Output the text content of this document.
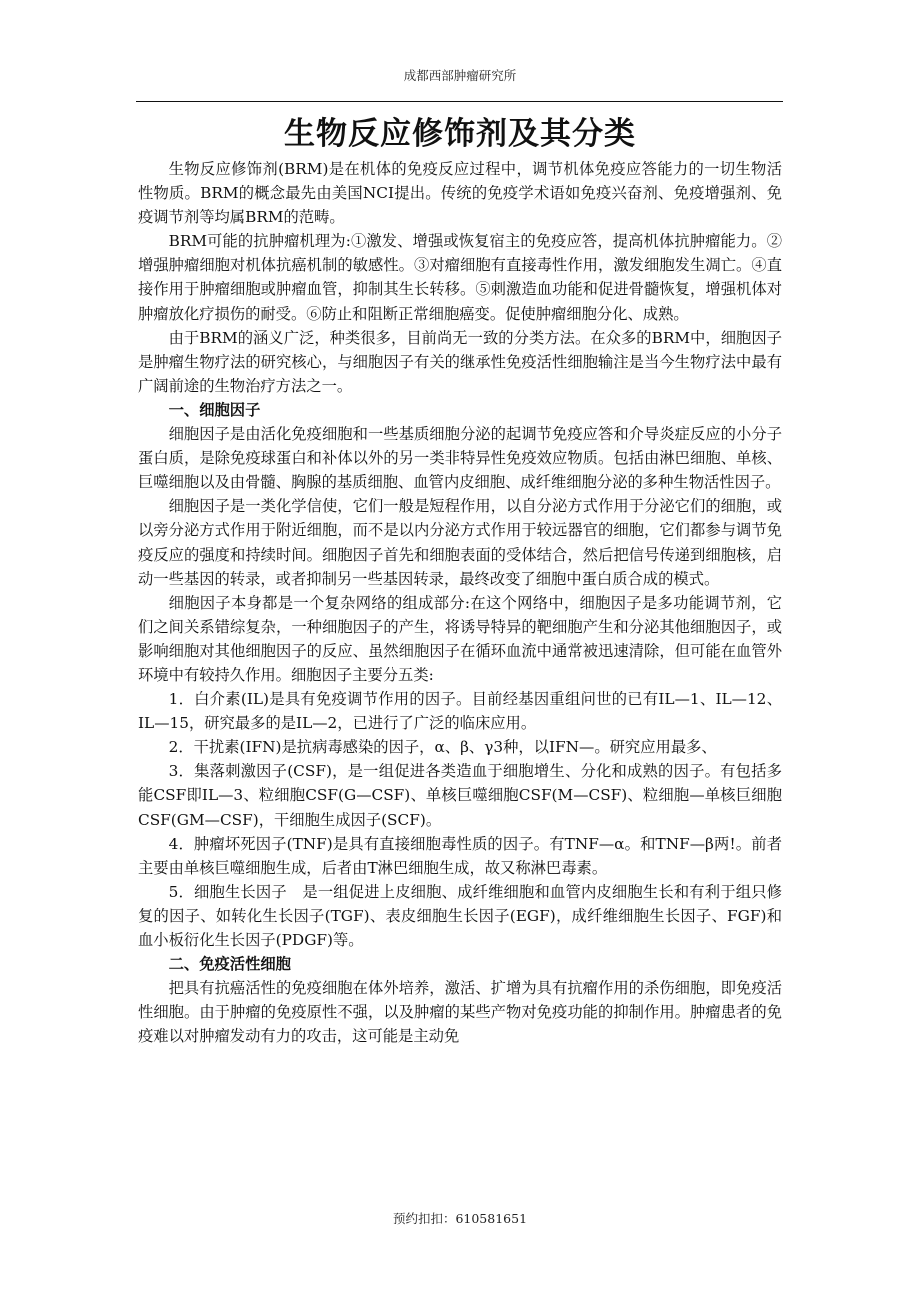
成都西部肿瘤研究所
生物反应修饰剂及其分类

生物反应修饰剂(BRM)是在机体的免疫反应过程中，调节机体免疫应答能力的一切生物活性物质。BRM的概念最先由美国NCI提出。传统的免疫学术语如免疫兴奋剂、免疫增强剂、免疫调节剂等均属BRM的范畴。

BRM可能的抗肿瘤机理为:①激发、增强或恢复宿主的免疫应答，提高机体抗肿瘤能力。②增强肿瘤细胞对机体抗癌机制的敏感性。③对瘤细胞有直接毒性作用，激发细胞发生凋亡。④直接作用于肿瘤细胞或肿瘤血管，抑制其生长转移。⑤刺激造血功能和促进骨髓恢复，增强机体对肿瘤放化疗损伤的耐受。⑥防止和阻断正常细胞癌变。促使肿瘤细胞分化、成熟。

由于BRM的涵义广泛，种类很多，目前尚无一致的分类方法。在众多的BRM中，细胞因子是肿瘤生物疗法的研究核心，与细胞因子有关的继承性免疫活性细胞输注是当今生物疗法中最有广阔前途的生物治疗方法之一。

一、细胞因子

细胞因子是由活化免疫细胞和一些基质细胞分泌的起调节免疫应答和介导炎症反应的小分子蛋白质，是除免疫球蛋白和补体以外的另一类非特异性免疫效应物质。包括由淋巴细胞、单核、巨噬细胞以及由骨髓、胸腺的基质细胞、血管内皮细胞、成纤维细胞分泌的多种生物活性因子。

细胞因子是一类化学信使，它们一般是短程作用，以自分泌方式作用于分泌它们的细胞，或以旁分泌方式作用于附近细胞，而不是以内分泌方式作用于较远器官的细胞，它们都参与调节免疫反应的强度和持续时间。细胞因子首先和细胞表面的受体结合，然后把信号传递到细胞核，启动一些基因的转录，或者抑制另一些基因转录，最终改变了细胞中蛋白质合成的模式。

细胞因子本身都是一个复杂网络的组成部分:在这个网络中，细胞因子是多功能调节剂，它们之间关系错综复杂，一种细胞因子的产生，将诱导特异的靶细胞产生和分泌其他细胞因子，或影响细胞对其他细胞因子的反应、虽然细胞因子在循环血流中通常被迅速清除，但可能在血管外环境中有较持久作用。细胞因子主要分五类:

1．白介素(IL)是具有免疫调节作用的因子。目前经基因重组问世的已有IL—1、IL—12、IL—15，研究最多的是IL—2，已进行了广泛的临床应用。

2．干扰素(IFN)是抗病毒感染的因子，α、β、γ3种，以IFN—。研究应用最多、

3．集落刺激因子(CSF)，是一组促进各类造血于细胞增生、分化和成熟的因子。有包括多能CSF即IL—3、粒细胞CSF(G—CSF)、单核巨噬细胞CSF(M—CSF)、粒细胞—单核巨细胞CSF(GM—CSF)，干细胞生成因子(SCF)。

4．肿瘤坏死因子(TNF)是具有直接细胞毒性质的因子。有TNF—α。和TNF—β两!。前者主要由单核巨噬细胞生成，后者由T淋巴细胞生成，故又称淋巴毒素。

5．细胞生长因子　是一组促进上皮细胞、成纤维细胞和血管内皮细胞生长和有利于组只修复的因子、如转化生长因子(TGF)、表皮细胞生长因子(EGF)，成纤维细胞生长因子、FGF)和血小板衍化生长因子(PDGF)等。

二、免疫活性细胞

把具有抗癌活性的免疫细胞在体外培养，激活、扩增为具有抗瘤作用的杀伤细胞，即免疫活性细胞。由于肿瘤的免疫原性不强，以及肿瘤的某些产物对免疫功能的抑制作用。肿瘤患者的免疫难以对肿瘤发动有力的攻击，这可能是主动免

预约扣扣：610581651
